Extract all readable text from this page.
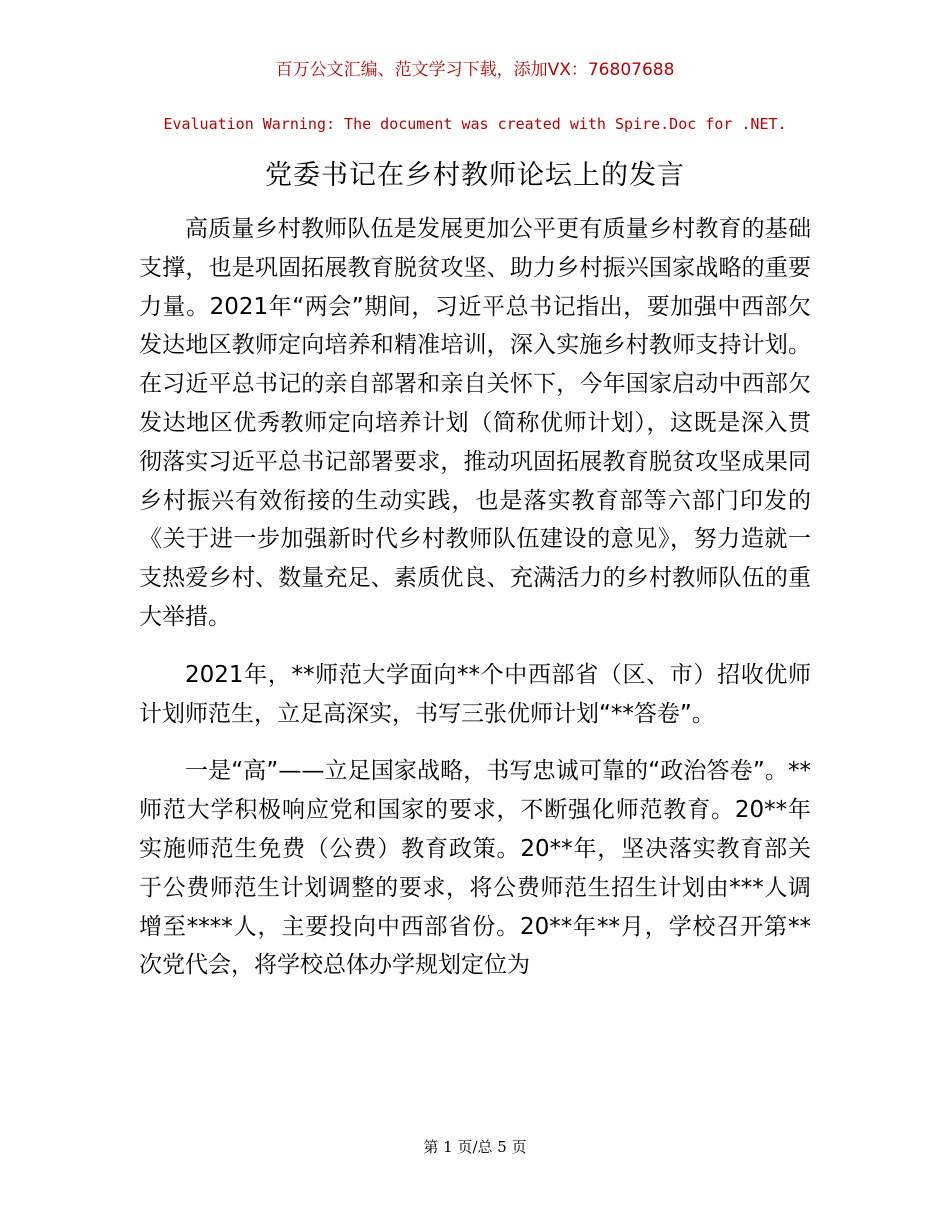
百万公文汇编、范文学习下载，添加VX：76807688
Evaluation Warning: The document was created with Spire.Doc for .NET.
党委书记在乡村教师论坛上的发言

高质量乡村教师队伍是发展更加公平更有质量乡村教育的基础支撑，也是巩固拓展教育脱贫攻坚、助力乡村振兴国家战略的重要力量。2021年“两会”期间，习近平总书记指出，要加强中西部欠发达地区教师定向培养和精准培训，深入实施乡村教师支持计划。在习近平总书记的亲自部署和亲自关怀下，今年国家启动中西部欠发达地区优秀教师定向培养计划（简称优师计划），这既是深入贯彻落实习近平总书记部署要求，推动巩固拓展教育脱贫攻坚成果同乡村振兴有效衔接的生动实践，也是落实教育部等六部门印发的《关于进一步加强新时代乡村教师队伍建设的意见》，努力造就一支热爱乡村、数量充足、素质优良、充满活力的乡村教师队伍的重大举措。

2021年，**师范大学面向**个中西部省（区、市）招收优师计划师范生，立足高深实，书写三张优师计划“**答卷”。

一是“高”——立足国家战略，书写忠诚可靠的“政治答卷”。**师范大学积极响应党和国家的要求，不断强化师范教育。20**年实施师范生免费（公费）教育政策。20**年，坚决落实教育部关于公费师范生计划调整的要求，将公费师范生招生计划由***人调增至****人，主要投向中西部省份。20**年**月，学校召开第**次党代会，将学校总体办学规划定位为

第 1 页/总 5 页
